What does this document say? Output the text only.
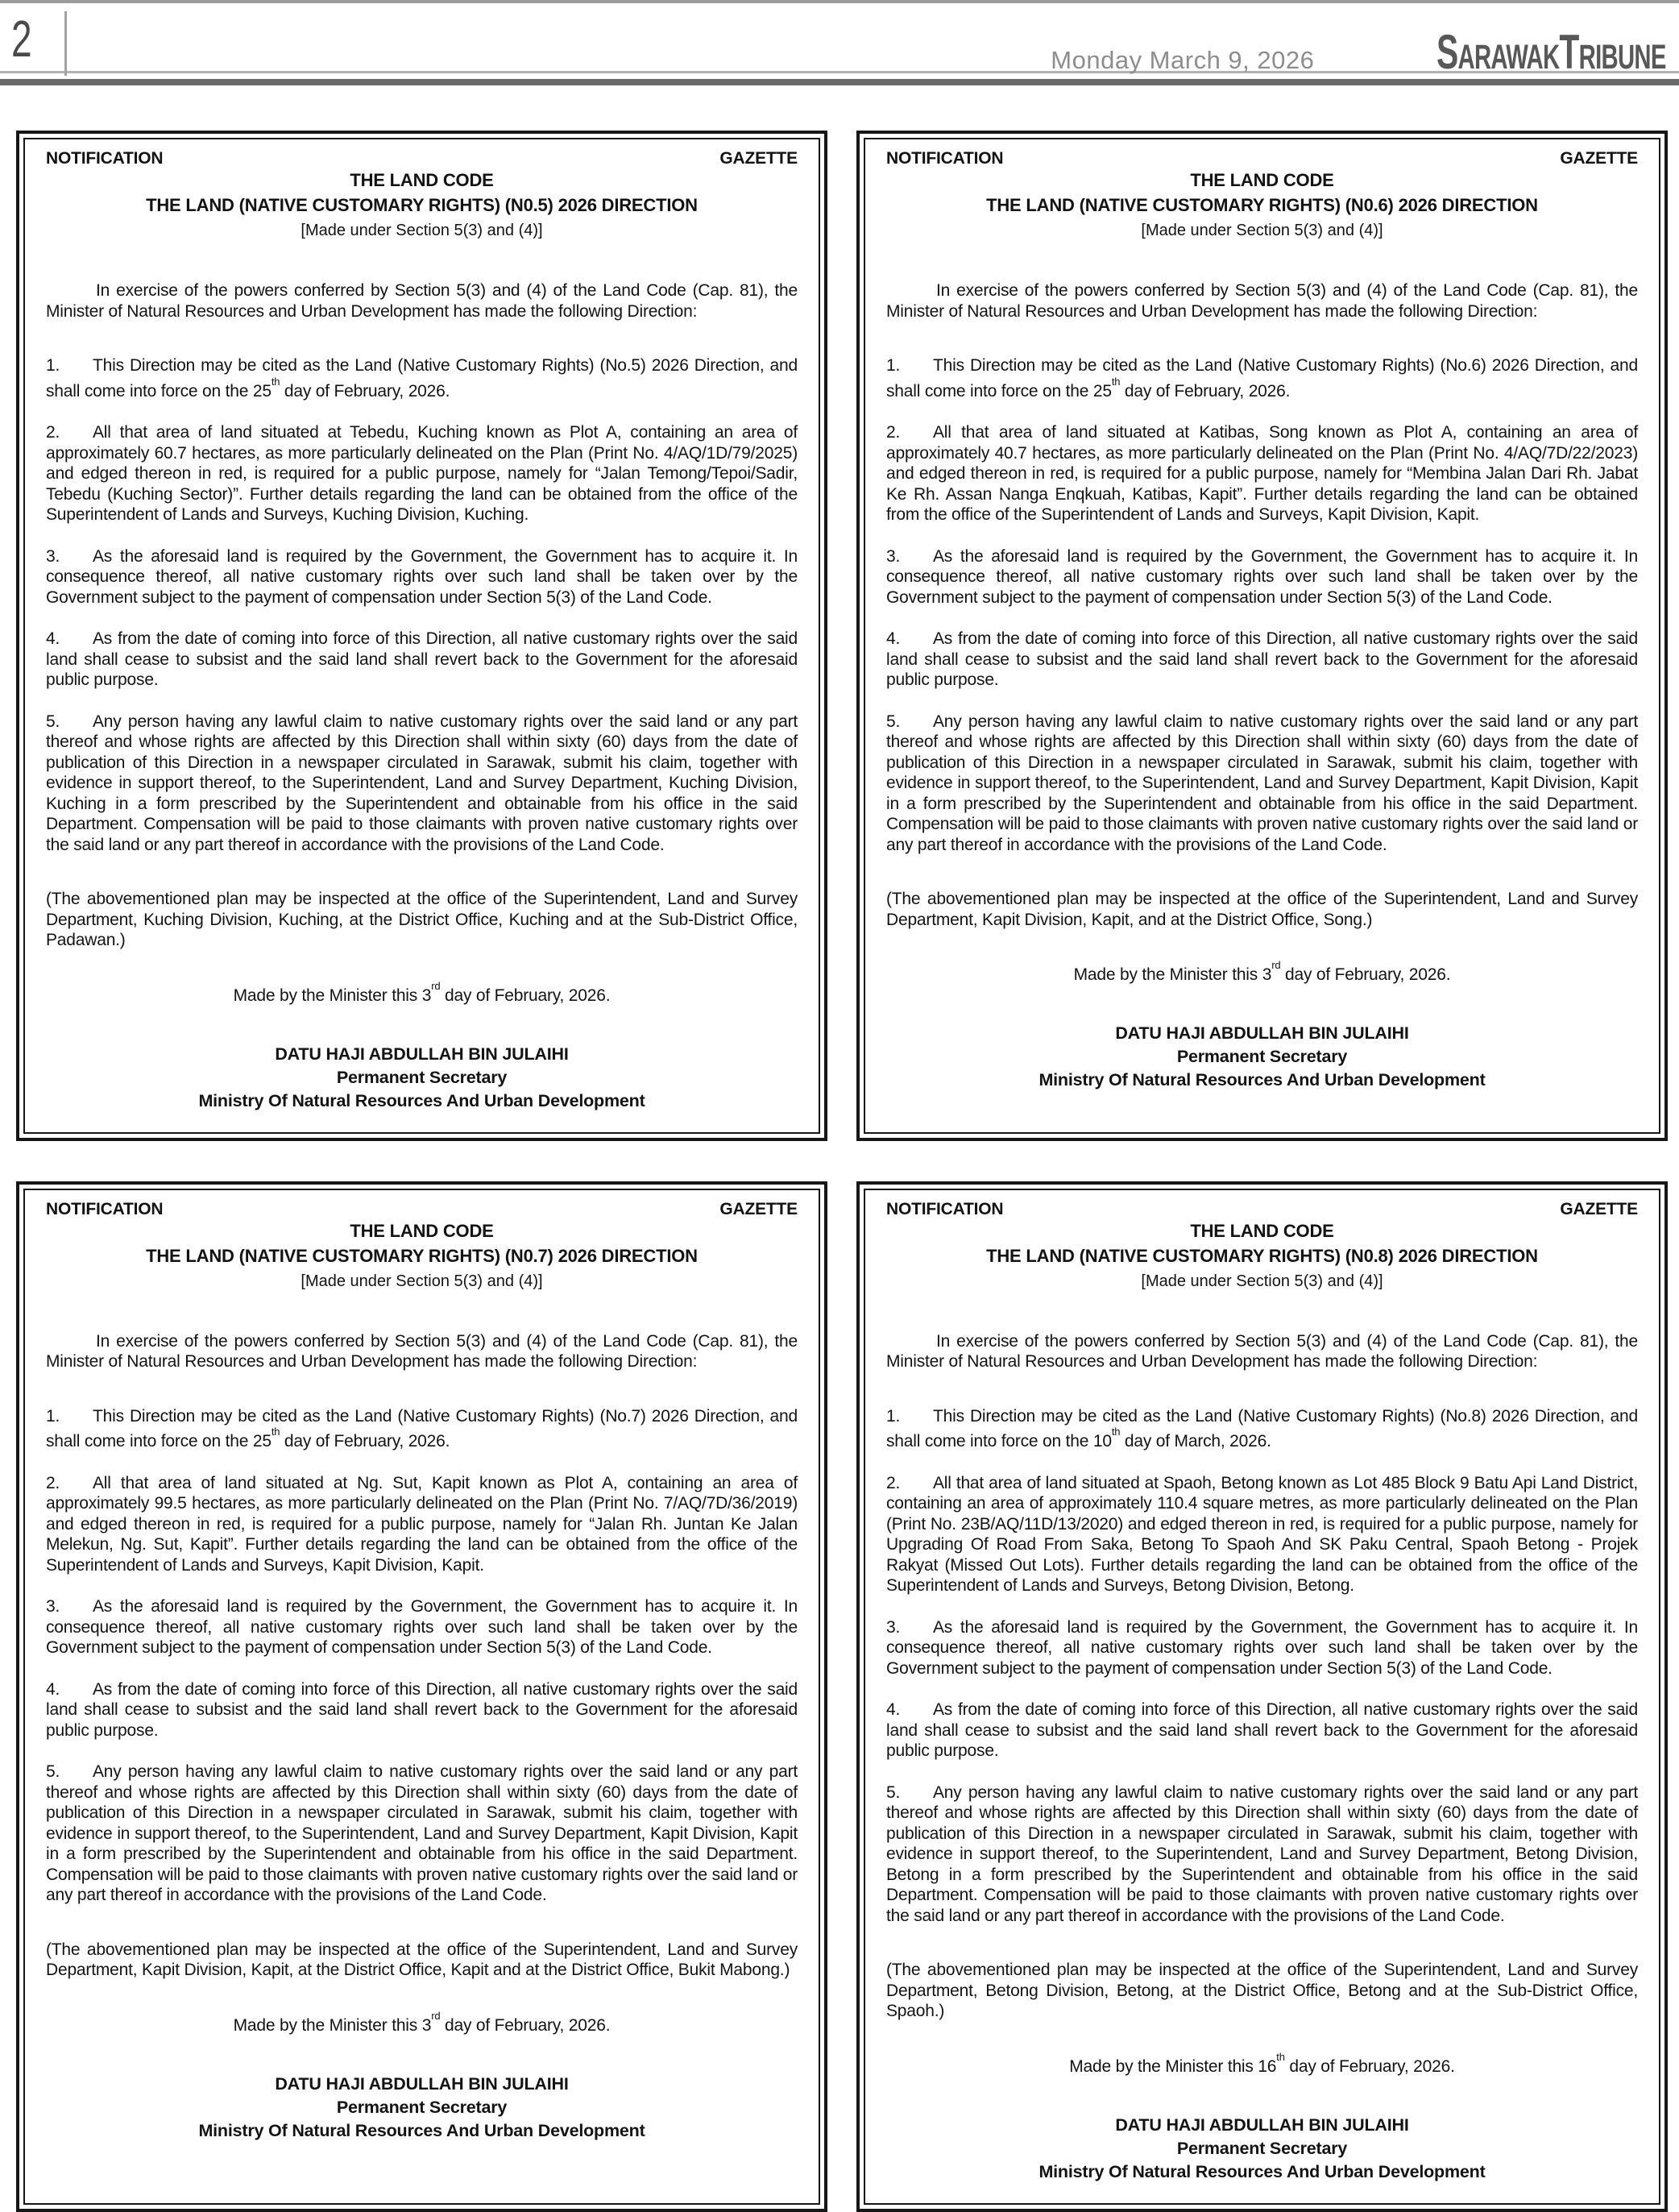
2	Monday March 9, 2026	SARAWAKTRIBUNE
NOTIFICATION	GAZETTE
THE LAND CODE
THE LAND (NATIVE CUSTOMARY RIGHTS) (N0.5) 2026 DIRECTION

[Made under Section 5(3) and (4)]

In exercise of the powers conferred by Section 5(3) and (4) of the Land Code (Cap. 81), the Minister of Natural Resources and Urban Development has made the following Direction:

1. This Direction may be cited as the Land (Native Customary Rights) (No.5) 2026 Direction, and shall come into force on the 25th day of February, 2026.

2. All that area of land situated at Tebedu, Kuching known as Plot A, containing an area of approximately 60.7 hectares, as more particularly delineated on the Plan (Print No. 4/AQ/1D/79/2025) and edged thereon in red, is required for a public purpose, namely for “Jalan Temong/Tepoi/Sadir, Tebedu (Kuching Sector)”. Further details regarding the land can be obtained from the office of the Superintendent of Lands and Surveys, Kuching Division, Kuching.

3. As the aforesaid land is required by the Government, the Government has to acquire it. In consequence thereof, all native customary rights over such land shall be taken over by the Government subject to the payment of compensation under Section 5(3) of the Land Code.

4. As from the date of coming into force of this Direction, all native customary rights over the said land shall cease to subsist and the said land shall revert back to the Government for the aforesaid public purpose.

5. Any person having any lawful claim to native customary rights over the said land or any part thereof and whose rights are affected by this Direction shall within sixty (60) days from the date of publication of this Direction in a newspaper circulated in Sarawak, submit his claim, together with evidence in support thereof, to the Superintendent, Land and Survey Department, Kuching Division, Kuching in a form prescribed by the Superintendent and obtainable from his office in the said Department. Compensation will be paid to those claimants with proven native customary rights over the said land or any part thereof in accordance with the provisions of the Land Code.

(The abovementioned plan may be inspected at the office of the Superintendent, Land and Survey Department, Kuching Division, Kuching, at the District Office, Kuching and at the Sub-District Office, Padawan.)

Made by the Minister this 3rd day of February, 2026.

DATU HAJI ABDULLAH BIN JULAIHI

Permanent Secretary

Ministry Of Natural Resources And Urban Development

NOTIFICATION	GAZETTE
THE LAND CODE
THE LAND (NATIVE CUSTOMARY RIGHTS) (N0.6) 2026 DIRECTION

[Made under Section 5(3) and (4)]

In exercise of the powers conferred by Section 5(3) and (4) of the Land Code (Cap. 81), the Minister of Natural Resources and Urban Development has made the following Direction:

1. This Direction may be cited as the Land (Native Customary Rights) (No.6) 2026 Direction, and shall come into force on the 25th day of February, 2026.

2. All that area of land situated at Katibas, Song known as Plot A, containing an area of approximately 40.7 hectares, as more particularly delineated on the Plan (Print No. 4/AQ/7D/22/2023) and edged thereon in red, is required for a public purpose, namely for “Membina Jalan Dari Rh. Jabat Ke Rh. Assan Nanga Enqkuah, Katibas, Kapit”. Further details regarding the land can be obtained from the office of the Superintendent of Lands and Surveys, Kapit Division, Kapit.

3. As the aforesaid land is required by the Government, the Government has to acquire it. In consequence thereof, all native customary rights over such land shall be taken over by the Government subject to the payment of compensation under Section 5(3) of the Land Code.

4. As from the date of coming into force of this Direction, all native customary rights over the said land shall cease to subsist and the said land shall revert back to the Government for the aforesaid public purpose.

5. Any person having any lawful claim to native customary rights over the said land or any part thereof and whose rights are affected by this Direction shall within sixty (60) days from the date of publication of this Direction in a newspaper circulated in Sarawak, submit his claim, together with evidence in support thereof, to the Superintendent, Land and Survey Department, Kapit Division, Kapit in a form prescribed by the Superintendent and obtainable from his office in the said Department. Compensation will be paid to those claimants with proven native customary rights over the said land or any part thereof in accordance with the provisions of the Land Code.

(The abovementioned plan may be inspected at the office of the Superintendent, Land and Survey Department, Kapit Division, Kapit, and at the District Office, Song.)

Made by the Minister this 3rd day of February, 2026.

DATU HAJI ABDULLAH BIN JULAIHI

Permanent Secretary

Ministry Of Natural Resources And Urban Development

NOTIFICATION	GAZETTE
THE LAND CODE
THE LAND (NATIVE CUSTOMARY RIGHTS) (N0.7) 2026 DIRECTION

[Made under Section 5(3) and (4)]

In exercise of the powers conferred by Section 5(3) and (4) of the Land Code (Cap. 81), the Minister of Natural Resources and Urban Development has made the following Direction:

1. This Direction may be cited as the Land (Native Customary Rights) (No.7) 2026 Direction, and shall come into force on the 25th day of February, 2026.

2. All that area of land situated at Ng. Sut, Kapit known as Plot A, containing an area of approximately 99.5 hectares, as more particularly delineated on the Plan (Print No. 7/AQ/7D/36/2019) and edged thereon in red, is required for a public purpose, namely for “Jalan Rh. Juntan Ke Jalan Melekun, Ng. Sut, Kapit”. Further details regarding the land can be obtained from the office of the Superintendent of Lands and Surveys, Kapit Division, Kapit.

3. As the aforesaid land is required by the Government, the Government has to acquire it. In consequence thereof, all native customary rights over such land shall be taken over by the Government subject to the payment of compensation under Section 5(3) of the Land Code.

4. As from the date of coming into force of this Direction, all native customary rights over the said land shall cease to subsist and the said land shall revert back to the Government for the aforesaid public purpose.

5. Any person having any lawful claim to native customary rights over the said land or any part thereof and whose rights are affected by this Direction shall within sixty (60) days from the date of publication of this Direction in a newspaper circulated in Sarawak, submit his claim, together with evidence in support thereof, to the Superintendent, Land and Survey Department, Kapit Division, Kapit in a form prescribed by the Superintendent and obtainable from his office in the said Department. Compensation will be paid to those claimants with proven native customary rights over the said land or any part thereof in accordance with the provisions of the Land Code.

(The abovementioned plan may be inspected at the office of the Superintendent, Land and Survey Department, Kapit Division, Kapit, at the District Office, Kapit and at the District Office, Bukit Mabong.)

Made by the Minister this 3rd day of February, 2026.

DATU HAJI ABDULLAH BIN JULAIHI

Permanent Secretary

Ministry Of Natural Resources And Urban Development

NOTIFICATION	GAZETTE
THE LAND CODE
THE LAND (NATIVE CUSTOMARY RIGHTS) (N0.8) 2026 DIRECTION

[Made under Section 5(3) and (4)]

In exercise of the powers conferred by Section 5(3) and (4) of the Land Code (Cap. 81), the Minister of Natural Resources and Urban Development has made the following Direction:

1. This Direction may be cited as the Land (Native Customary Rights) (No.8) 2026 Direction, and shall come into force on the 10th day of March, 2026.

2. All that area of land situated at Spaoh, Betong known as Lot 485 Block 9 Batu Api Land District, containing an area of approximately 110.4 square metres, as more particularly delineated on the Plan (Print No. 23B/AQ/11D/13/2020) and edged thereon in red, is required for a public purpose, namely for Upgrading Of Road From Saka, Betong To Spaoh And SK Paku Central, Spaoh Betong - Projek Rakyat (Missed Out Lots). Further details regarding the land can be obtained from the office of the Superintendent of Lands and Surveys, Betong Division, Betong.

3. As the aforesaid land is required by the Government, the Government has to acquire it. In consequence thereof, all native customary rights over such land shall be taken over by the Government subject to the payment of compensation under Section 5(3) of the Land Code.

4. As from the date of coming into force of this Direction, all native customary rights over the said land shall cease to subsist and the said land shall revert back to the Government for the aforesaid public purpose.

5. Any person having any lawful claim to native customary rights over the said land or any part thereof and whose rights are affected by this Direction shall within sixty (60) days from the date of publication of this Direction in a newspaper circulated in Sarawak, submit his claim, together with evidence in support thereof, to the Superintendent, Land and Survey Department, Betong Division, Betong in a form prescribed by the Superintendent and obtainable from his office in the said Department. Compensation will be paid to those claimants with proven native customary rights over the said land or any part thereof in accordance with the provisions of the Land Code.

(The abovementioned plan may be inspected at the office of the Superintendent, Land and Survey Department, Betong Division, Betong, at the District Office, Betong and at the Sub-District Office, Spaoh.)

Made by the Minister this 16th day of February, 2026.

DATU HAJI ABDULLAH BIN JULAIHI

Permanent Secretary

Ministry Of Natural Resources And Urban Development
